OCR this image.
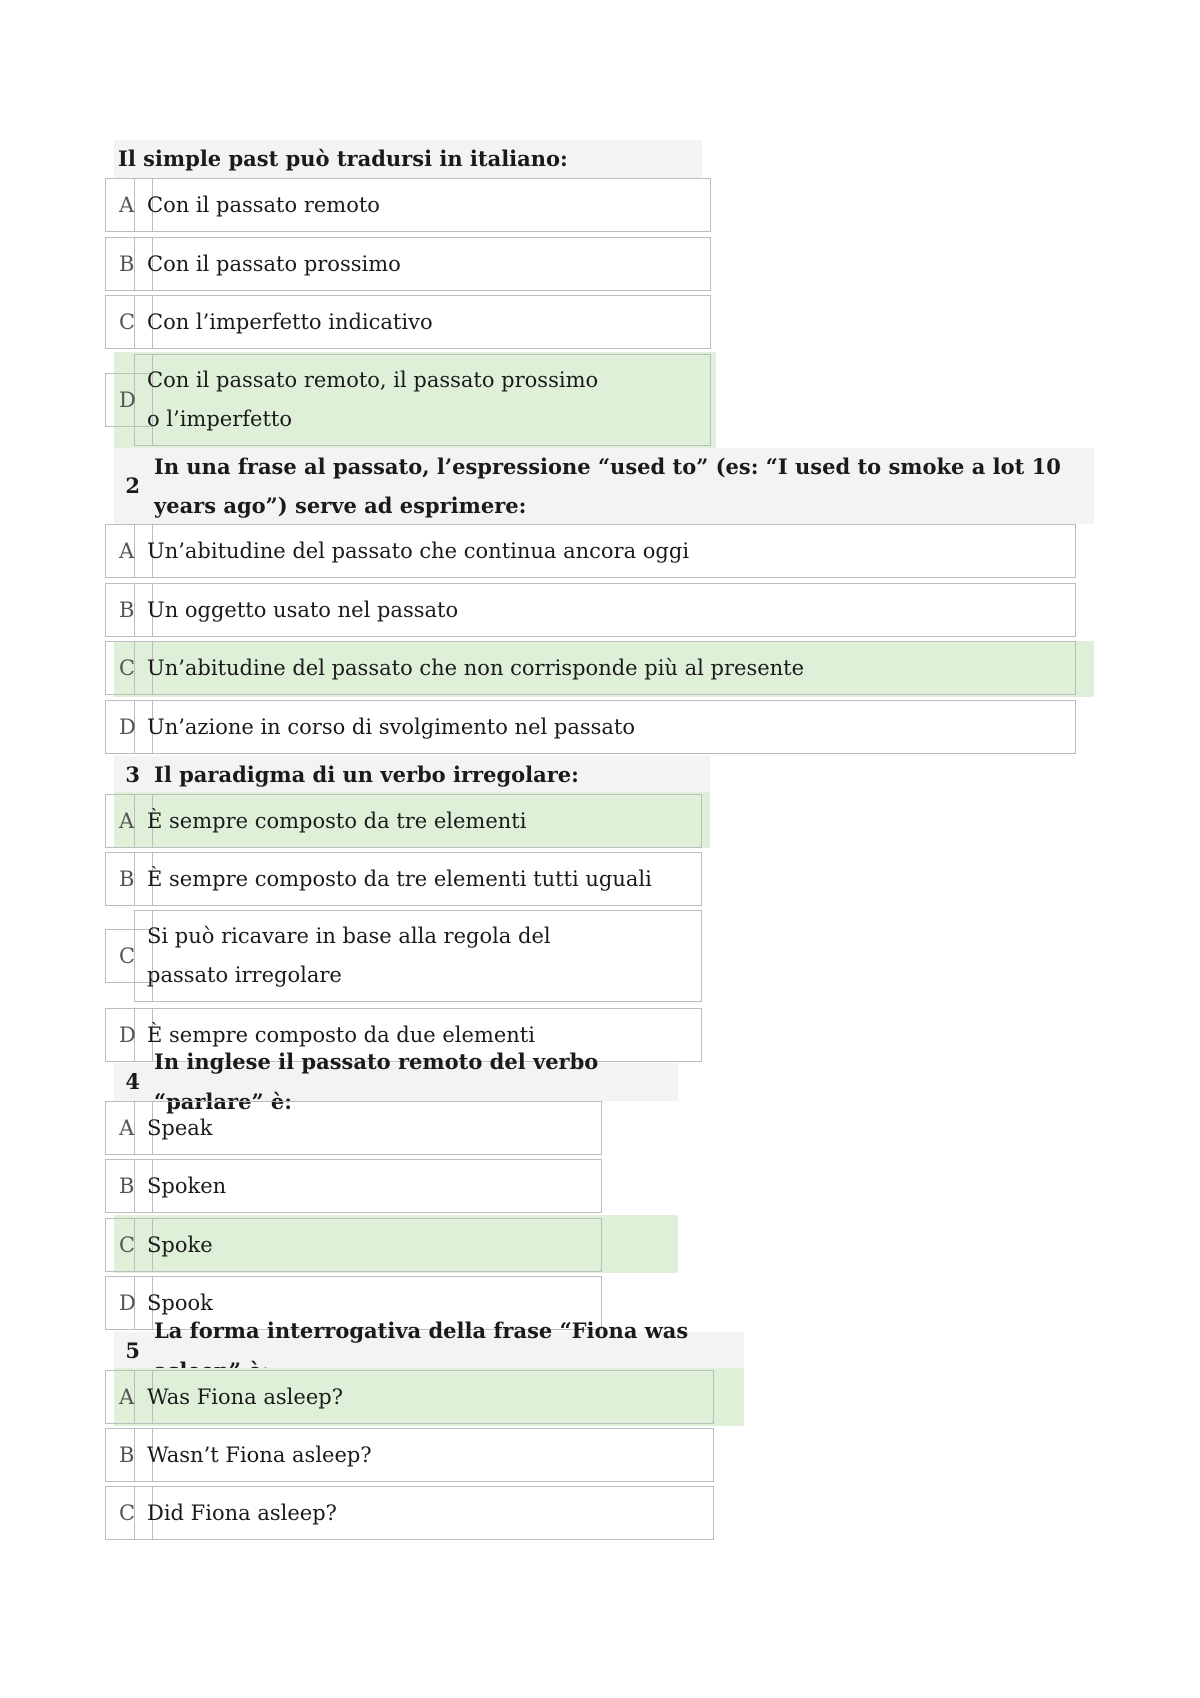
Il simple past può tradursi in italiano:
A Con il passato remoto
B Con il passato prossimo
C Con l’imperfetto indicativo
D
Con il passato remoto, il passato prossimo o l’imperfetto
2
In una frase al passato, l’espressione “used to” (es: “I used to smoke a lot 10 years ago”) serve ad esprimere:
A Un’abitudine del passato che continua ancora oggi
B Un oggetto usato nel passato
C Un’abitudine del passato che non corrisponde più al presente
D Un’azione in corso di svolgimento nel passato
3 Il paradigma di un verbo irregolare:
A È sempre composto da tre elementi
B È sempre composto da tre elementi tutti uguali
C
Si può ricavare in base alla regola del passato irregolare
D È sempre composto da due elementi
4
In inglese il passato remoto del verbo “parlare” è:
A Speak
B Spoken
C Spoke
D Spook
5
La forma interrogativa della frase “Fiona was
A Was Fiona asleep?
B Wasn’t Fiona asleep?
C Did Fiona asleep?
